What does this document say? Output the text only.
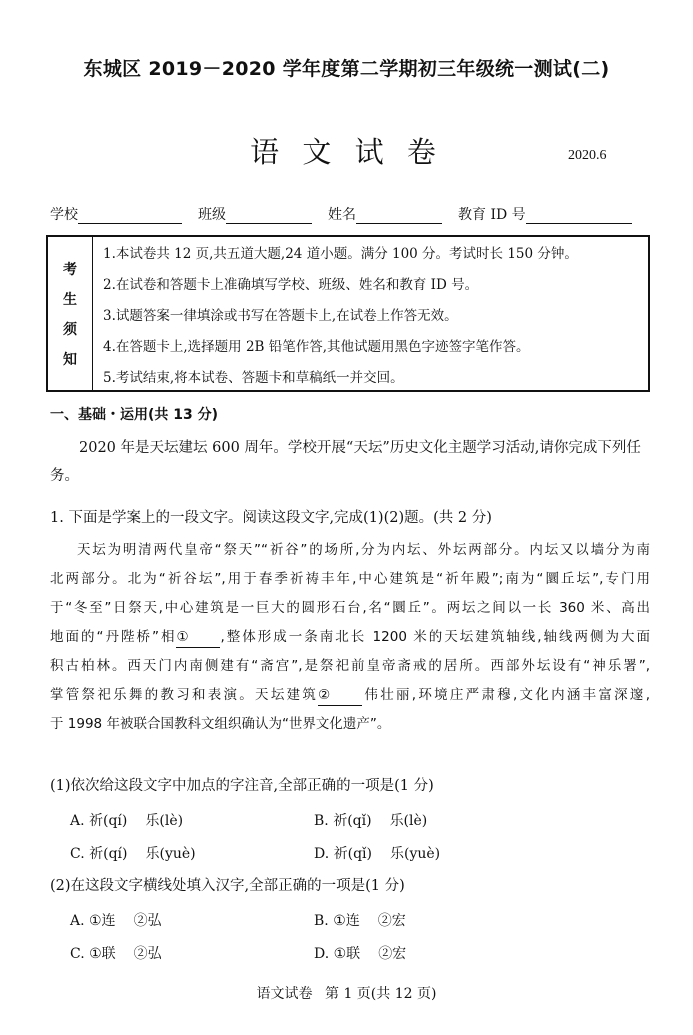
东城区 2019－2020 学年度第二学期初三年级统一测试(二)
语 文 试 卷	2020.6
学校	班级	姓名	教育 ID 号
考
生
须
知
1.本试卷共 12 页,共五道大题,24 道小题。满分 100 分。考试时长 150 分钟。
2.在试卷和答题卡上准确填写学校、班级、姓名和教育 ID 号。
3.试题答案一律填涂或书写在答题卡上,在试卷上作答无效。
4.在答题卡上,选择题用 2B 铅笔作答,其他试题用黑色字迹签字笔作答。
5.考试结束,将本试卷、答题卡和草稿纸一并交回。
一、基础・运用(共 13 分)
2020 年是天坛建坛 600 周年。学校开展“天坛”历史文化主题学习活动,请你完成下列任务。
1. 下面是学案上的一段文字。阅读这段文字,完成(1)(2)题。(共 2 分)
天坛为明清两代皇帝“祭天”“祈谷”的场所,分为内坛、外坛两部分。内坛又以墙分为南
北两部分。北为“祈谷坛”,用于春季祈祷丰年,中心建筑是“祈年殿”;南为“圜丘坛”,专门用
于“冬至”日祭天,中心建筑是一巨大的圆形石台,名“圜丘”。两坛之间以一长 360 米、高出
地面的“丹陛桥”相① ,整体形成一条南北长 1200 米的天坛建筑轴线,轴线两侧为大面
积古柏林。西天门内南侧建有“斋宫”,是祭祀前皇帝斋戒的居所。西部外坛设有“神乐署”,
掌管祭祀乐舞的教习和表演。天坛建筑② 伟壮丽,环境庄严肃穆,文化内涵丰富深邃,
于 1998 年被联合国教科文组织确认为“世界文化遗产”。
(1)依次给这段文字中加点的字注音,全部正确的一项是(1 分)
A. 祈(qí) 乐(lè)	B. 祈(qǐ) 乐(lè)
C. 祈(qí) 乐(yuè)	D. 祈(qǐ) 乐(yuè)
(2)在这段文字横线处填入汉字,全部正确的一项是(1 分)
A. ①连 ②弘	B. ①连 ②宏
C. ①联 ②弘	D. ①联 ②宏
语文试卷 第 1 页(共 12 页)
